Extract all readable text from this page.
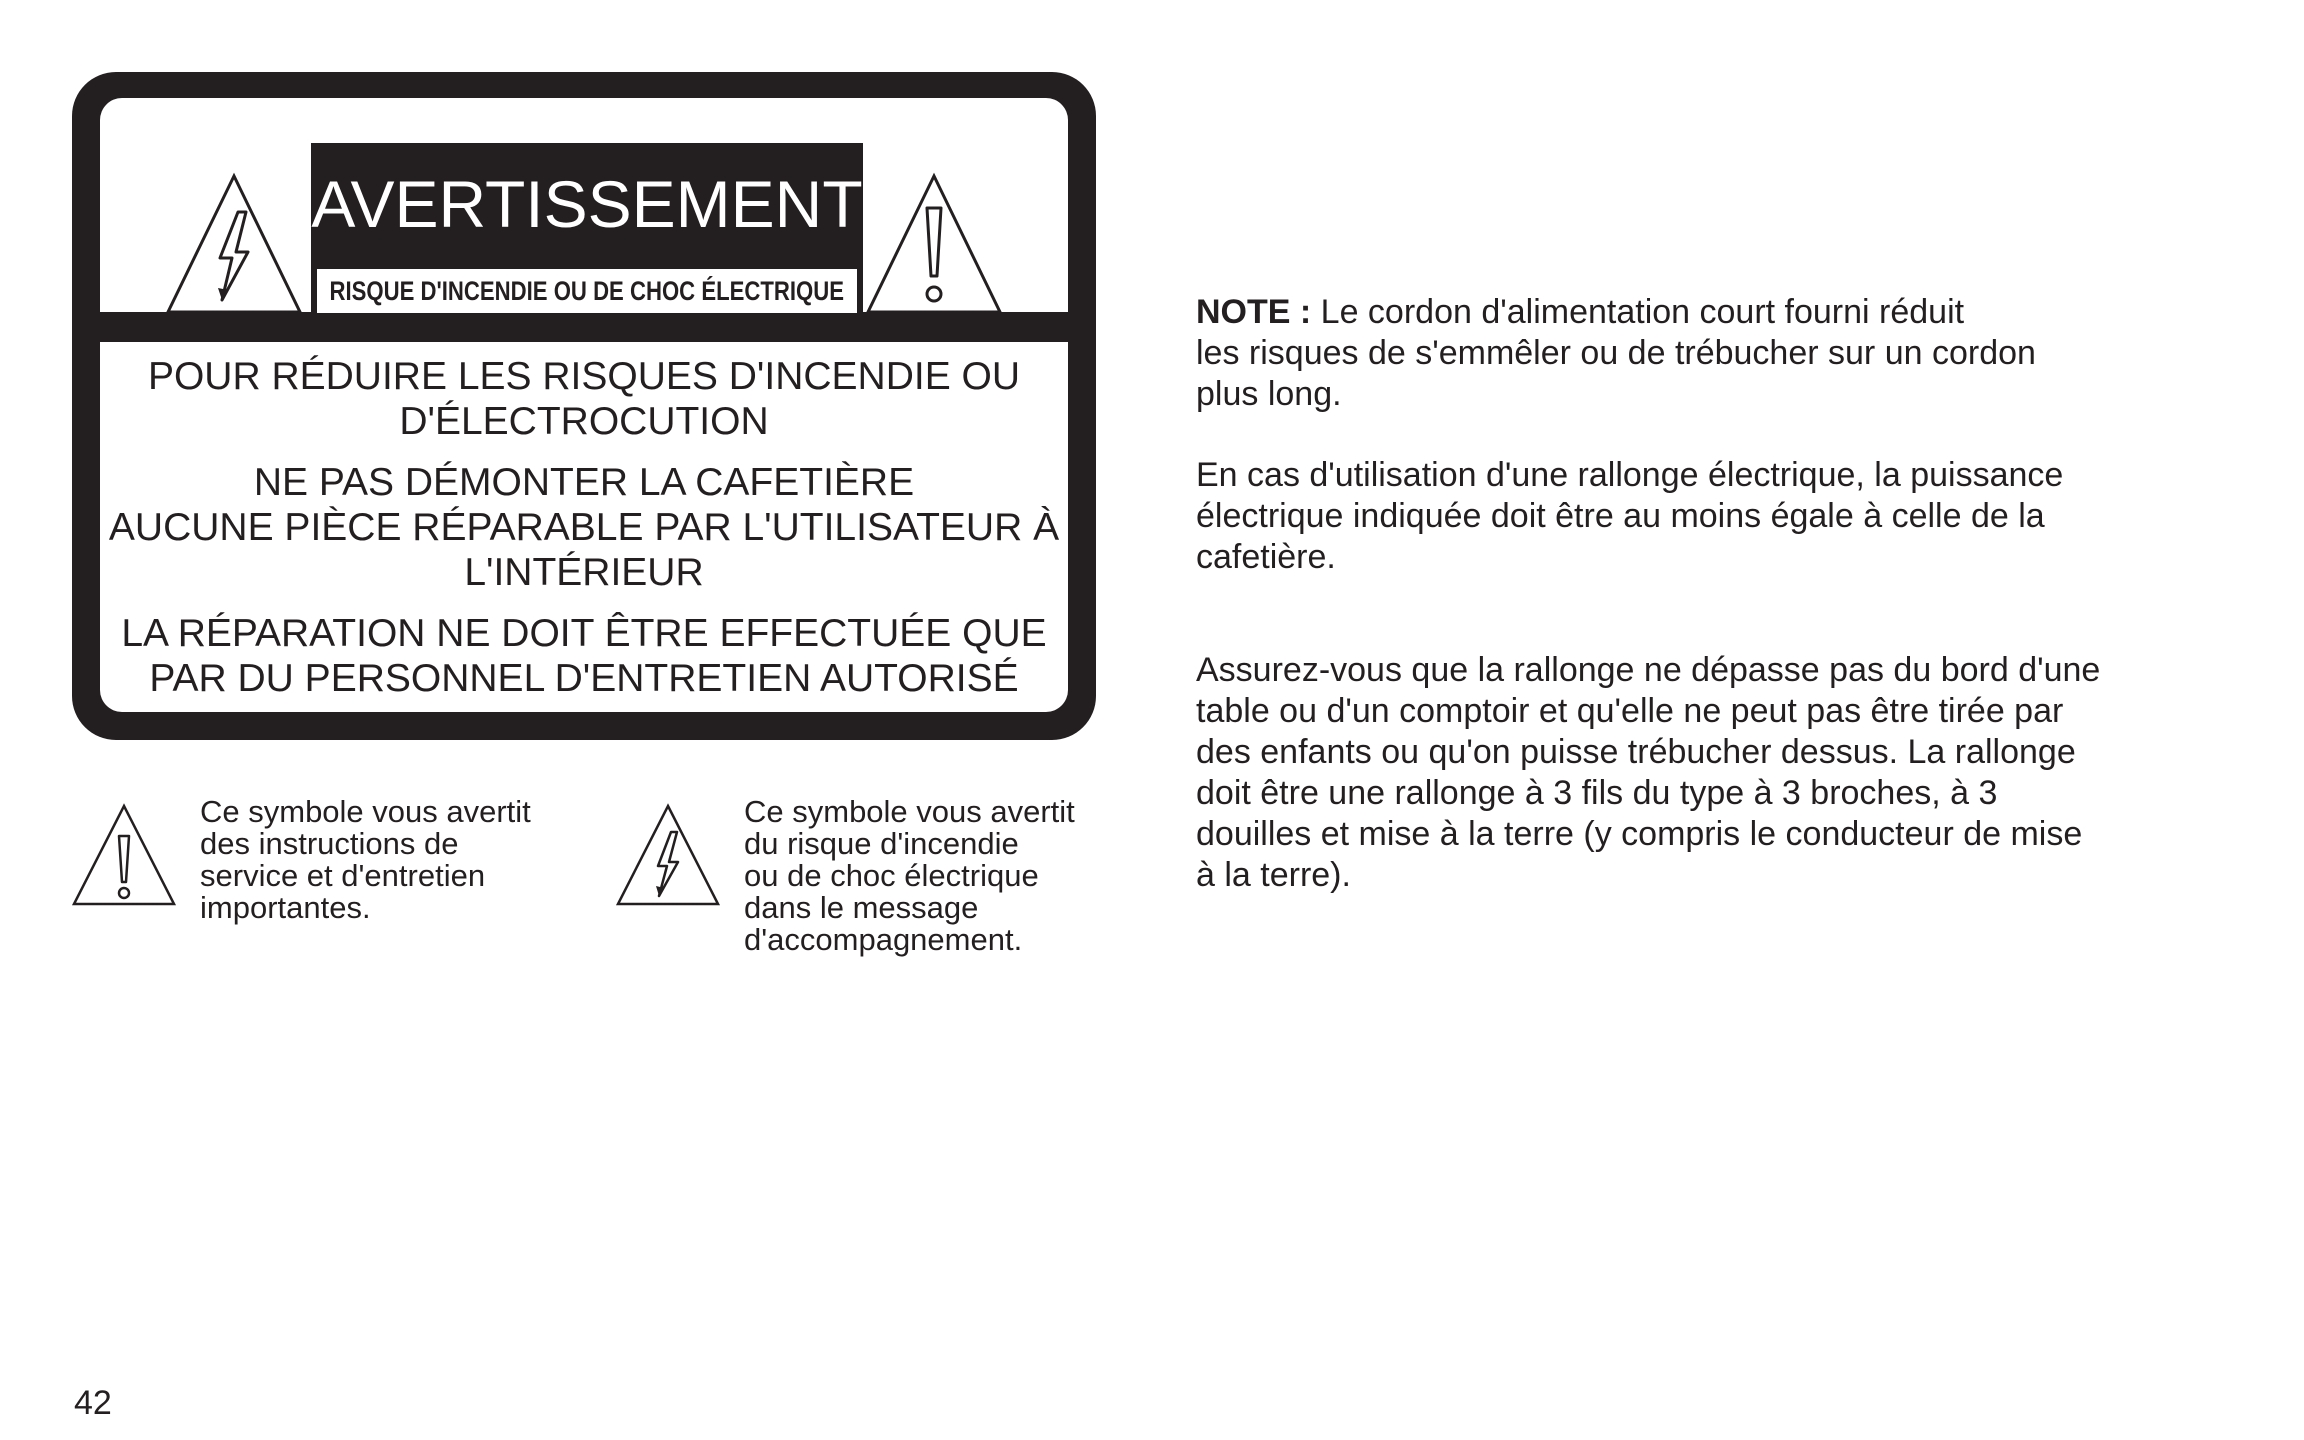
AVERTISSEMENT
RISQUE D'INCENDIE OU DE CHOC ÉLECTRIQUE
POUR RÉDUIRE LES RISQUES D'INCENDIE OU
D'ÉLECTROCUTION
NE PAS DÉMONTER LA CAFETIÈRE
AUCUNE PIÈCE RÉPARABLE PAR L'UTILISATEUR À
L'INTÉRIEUR
LA RÉPARATION NE DOIT ÊTRE EFFECTUÉE QUE
PAR DU PERSONNEL D'ENTRETIEN AUTORISÉ
Ce symbole vous avertit
des instructions de
service et d'entretien
importantes.
Ce symbole vous avertit
du risque d'incendie
ou de choc électrique
dans le message
d'accompagnement.

NOTE : Le cordon d'alimentation court fourni réduit
les risques de s'emmêler ou de trébucher sur un cordon
plus long.

En cas d'utilisation d'une rallonge électrique, la puissance
électrique indiquée doit être au moins égale à celle de la
cafetière.

Assurez-vous que la rallonge ne dépasse pas du bord d'une
table ou d'un comptoir et qu'elle ne peut pas être tirée par
des enfants ou qu'on puisse trébucher dessus. La rallonge
doit être une rallonge à 3 fils du type à 3 broches, à 3
douilles et mise à la terre (y compris le conducteur de mise
à la terre).

42
